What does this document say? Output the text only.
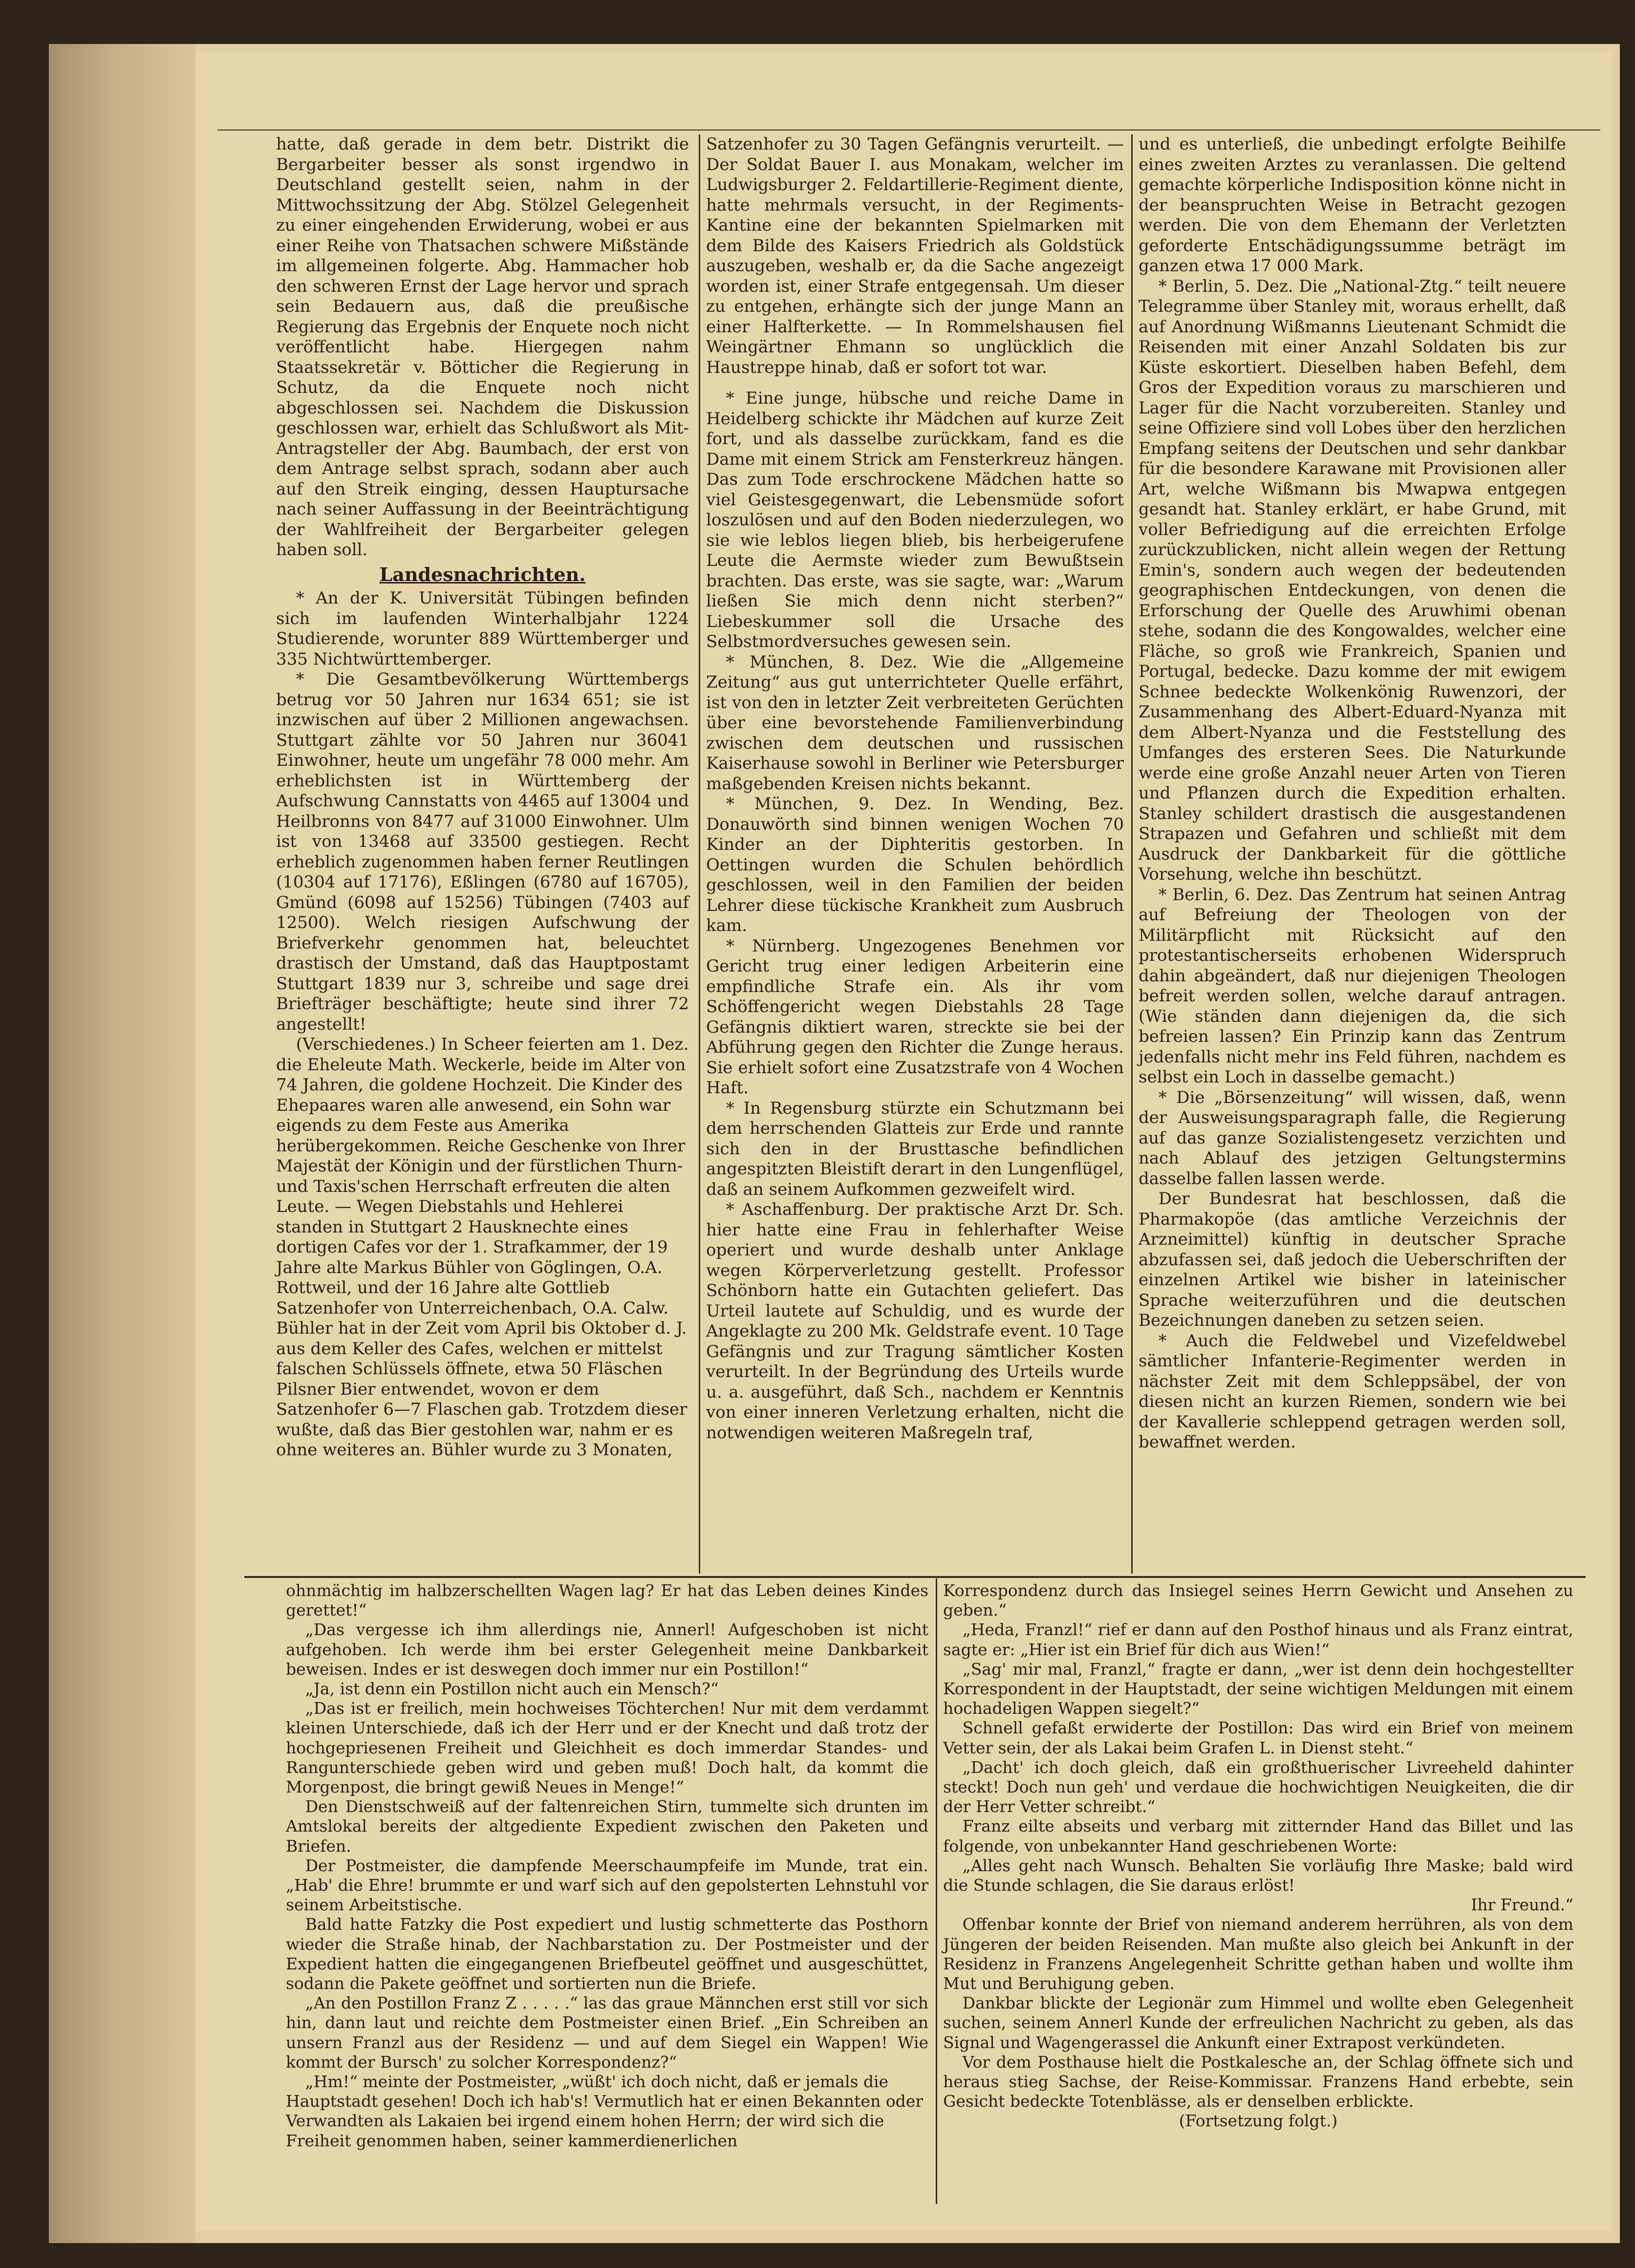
hatte, daß gerade in dem betr. Distrikt die Bergarbeiter besser als sonst irgendwo in Deutschland gestellt seien, nahm in der Mittwochssitzung der Abg. Stölzel Gelegenheit zu einer eingehenden Erwiderung, wobei er aus einer Reihe von Thatsachen schwere Mißstände im allgemeinen folgerte. Abg. Hammacher hob den schweren Ernst der Lage hervor und sprach sein Bedauern aus, daß die preußische Regierung das Ergebnis der Enquete noch nicht veröffentlicht habe. Hiergegen nahm Staatssekretär v. Bötticher die Regierung in Schutz, da die Enquete noch nicht abgeschlossen sei. Nachdem die Diskussion geschlossen war, erhielt das Schlußwort als Mit-Antragsteller der Abg. Baumbach, der erst von dem Antrage selbst sprach, sodann aber auch auf den Streik einging, dessen Hauptursache nach seiner Auffassung in der Beeinträchtigung der Wahlfreiheit der Bergarbeiter gelegen haben soll.

Landesnachrichten.

* An der K. Universität Tübingen befinden sich im laufenden Winterhalbjahr 1224 Studierende, worunter 889 Württemberger und 335 Nichtwürttemberger.

* Die Gesamtbevölkerung Württembergs betrug vor 50 Jahren nur 1634 651; sie ist inzwischen auf über 2 Millionen angewachsen. Stuttgart zählte vor 50 Jahren nur 36041 Einwohner, heute um ungefähr 78 000 mehr. Am erheblichsten ist in Württemberg der Aufschwung Cannstatts von 4465 auf 13004 und Heilbronns von 8477 auf 31000 Einwohner. Ulm ist von 13468 auf 33500 gestiegen. Recht erheblich zugenommen haben ferner Reutlingen (10304 auf 17176), Eßlingen (6780 auf 16705), Gmünd (6098 auf 15256) Tübingen (7403 auf 12500). Welch riesigen Aufschwung der Briefverkehr genommen hat, beleuchtet drastisch der Umstand, daß das Hauptpostamt Stuttgart 1839 nur 3, schreibe und sage drei Briefträger beschäftigte; heute sind ihrer 72 angestellt!

(Verschiedenes.) In Scheer feierten am 1. Dez. die Eheleute Math. Weckerle, beide im Alter von 74 Jahren, die goldene Hochzeit. Die Kinder des Ehepaares waren alle anwesend, ein Sohn war eigends zu dem Feste aus Amerika herübergekommen. Reiche Geschenke von Ihrer Majestät der Königin und der fürstlichen Thurn- und Taxis'schen Herrschaft erfreuten die alten Leute. — Wegen Diebstahls und Hehlerei standen in Stuttgart 2 Hausknechte eines dortigen Cafes vor der 1. Strafkammer, der 19 Jahre alte Markus Bühler von Göglingen, O.A. Rottweil, und der 16 Jahre alte Gottlieb Satzenhofer von Unterreichenbach, O.A. Calw. Bühler hat in der Zeit vom April bis Oktober d. J. aus dem Keller des Cafes, welchen er mittelst falschen Schlüssels öffnete, etwa 50 Fläschen Pilsner Bier entwendet, wovon er dem Satzenhofer 6—7 Flaschen gab. Trotzdem dieser wußte, daß das Bier gestohlen war, nahm er es ohne weiteres an. Bühler wurde zu 3 Monaten,

Satzenhofer zu 30 Tagen Gefängnis verurteilt. — Der Soldat Bauer I. aus Monakam, welcher im Ludwigsburger 2. Feldartillerie-Regiment diente, hatte mehrmals versucht, in der Regiments-Kantine eine der bekannten Spielmarken mit dem Bilde des Kaisers Friedrich als Goldstück auszugeben, weshalb er, da die Sache angezeigt worden ist, einer Strafe entgegensah. Um dieser zu entgehen, erhängte sich der junge Mann an einer Halfterkette. — In Rommelshausen fiel Weingärtner Ehmann so unglücklich die Haustreppe hinab, daß er sofort tot war.

* Eine junge, hübsche und reiche Dame in Heidelberg schickte ihr Mädchen auf kurze Zeit fort, und als dasselbe zurückkam, fand es die Dame mit einem Strick am Fensterkreuz hängen. Das zum Tode erschrockene Mädchen hatte so viel Geistesgegenwart, die Lebensmüde sofort loszulösen und auf den Boden niederzulegen, wo sie wie leblos liegen blieb, bis herbeigerufene Leute die Aermste wieder zum Bewußtsein brachten. Das erste, was sie sagte, war: „Warum ließen Sie mich denn nicht sterben?“ Liebeskummer soll die Ursache des Selbstmordversuches gewesen sein.

* München, 8. Dez. Wie die „Allgemeine Zeitung“ aus gut unterrichteter Quelle erfährt, ist von den in letzter Zeit verbreiteten Gerüchten über eine bevorstehende Familienverbindung zwischen dem deutschen und russischen Kaiserhause sowohl in Berliner wie Petersburger maßgebenden Kreisen nichts bekannt.

* München, 9. Dez. In Wending, Bez. Donauwörth sind binnen wenigen Wochen 70 Kinder an der Diphteritis gestorben. In Oettingen wurden die Schulen behördlich geschlossen, weil in den Familien der beiden Lehrer diese tückische Krankheit zum Ausbruch kam.

* Nürnberg. Ungezogenes Benehmen vor Gericht trug einer ledigen Arbeiterin eine empfindliche Strafe ein. Als ihr vom Schöffengericht wegen Diebstahls 28 Tage Gefängnis diktiert waren, streckte sie bei der Abführung gegen den Richter die Zunge heraus. Sie erhielt sofort eine Zusatzstrafe von 4 Wochen Haft.

* In Regensburg stürzte ein Schutzmann bei dem herrschenden Glatteis zur Erde und rannte sich den in der Brusttasche befindlichen angespitzten Bleistift derart in den Lungenflügel, daß an seinem Aufkommen gezweifelt wird.

* Aschaffenburg. Der praktische Arzt Dr. Sch. hier hatte eine Frau in fehlerhafter Weise operiert und wurde deshalb unter Anklage wegen Körperverletzung gestellt. Professor Schönborn hatte ein Gutachten geliefert. Das Urteil lautete auf Schuldig, und es wurde der Angeklagte zu 200 Mk. Geldstrafe event. 10 Tage Gefängnis und zur Tragung sämtlicher Kosten verurteilt. In der Begründung des Urteils wurde u. a. ausgeführt, daß Sch., nachdem er Kenntnis von einer inneren Verletzung erhalten, nicht die notwendigen weiteren Maßregeln traf,

und es unterließ, die unbedingt erfolgte Beihilfe eines zweiten Arztes zu veranlassen. Die geltend gemachte körperliche Indisposition könne nicht in der beanspruchten Weise in Betracht gezogen werden. Die von dem Ehemann der Verletzten geforderte Entschädigungssumme beträgt im ganzen etwa 17 000 Mark.

* Berlin, 5. Dez. Die „National-Ztg.“ teilt neuere Telegramme über Stanley mit, woraus erhellt, daß auf Anordnung Wißmanns Lieutenant Schmidt die Reisenden mit einer Anzahl Soldaten bis zur Küste eskortiert. Dieselben haben Befehl, dem Gros der Expedition voraus zu marschieren und Lager für die Nacht vorzubereiten. Stanley und seine Offiziere sind voll Lobes über den herzlichen Empfang seitens der Deutschen und sehr dankbar für die besondere Karawane mit Provisionen aller Art, welche Wißmann bis Mwapwa entgegen gesandt hat. Stanley erklärt, er habe Grund, mit voller Befriedigung auf die erreichten Erfolge zurückzublicken, nicht allein wegen der Rettung Emin's, sondern auch wegen der bedeutenden geographischen Entdeckungen, von denen die Erforschung der Quelle des Aruwhimi obenan stehe, sodann die des Kongowaldes, welcher eine Fläche, so groß wie Frankreich, Spanien und Portugal, bedecke. Dazu komme der mit ewigem Schnee bedeckte Wolkenkönig Ruwenzori, der Zusammenhang des Albert-Eduard-Nyanza mit dem Albert-Nyanza und die Feststellung des Umfanges des ersteren Sees. Die Naturkunde werde eine große Anzahl neuer Arten von Tieren und Pflanzen durch die Expedition erhalten. Stanley schildert drastisch die ausgestandenen Strapazen und Gefahren und schließt mit dem Ausdruck der Dankbarkeit für die göttliche Vorsehung, welche ihn beschützt.

* Berlin, 6. Dez. Das Zentrum hat seinen Antrag auf Befreiung der Theologen von der Militärpflicht mit Rücksicht auf den protestantischerseits erhobenen Widerspruch dahin abgeändert, daß nur diejenigen Theologen befreit werden sollen, welche darauf antragen. (Wie ständen dann diejenigen da, die sich befreien lassen? Ein Prinzip kann das Zentrum jedenfalls nicht mehr ins Feld führen, nachdem es selbst ein Loch in dasselbe gemacht.)

* Die „Börsenzeitung“ will wissen, daß, wenn der Ausweisungsparagraph falle, die Regierung auf das ganze Sozialistengesetz verzichten und nach Ablauf des jetzigen Geltungstermins dasselbe fallen lassen werde.

Der Bundesrat hat beschlossen, daß die Pharmakopöe (das amtliche Verzeichnis der Arzneimittel) künftig in deutscher Sprache abzufassen sei, daß jedoch die Ueberschriften der einzelnen Artikel wie bisher in lateinischer Sprache weiterzuführen und die deutschen Bezeichnungen daneben zu setzen seien.

* Auch die Feldwebel und Vizefeldwebel sämtlicher Infanterie-Regimenter werden in nächster Zeit mit dem Schleppsäbel, der von diesen nicht an kurzen Riemen, sondern wie bei der Kavallerie schleppend getragen werden soll, bewaffnet werden.

ohnmächtig im halbzerschellten Wagen lag? Er hat das Leben deines Kindes gerettet!“

„Das vergesse ich ihm allerdings nie, Annerl! Aufgeschoben ist nicht aufgehoben. Ich werde ihm bei erster Gelegenheit meine Dankbarkeit beweisen. Indes er ist deswegen doch immer nur ein Postillon!“

„Ja, ist denn ein Postillon nicht auch ein Mensch?“

„Das ist er freilich, mein hochweises Töchterchen! Nur mit dem verdammt kleinen Unterschiede, daß ich der Herr und er der Knecht und daß trotz der hochgepriesenen Freiheit und Gleichheit es doch immerdar Standes- und Rangunterschiede geben wird und geben muß! Doch halt, da kommt die Morgenpost, die bringt gewiß Neues in Menge!“

Den Dienstschweiß auf der faltenreichen Stirn, tummelte sich drunten im Amtslokal bereits der altgediente Expedient zwischen den Paketen und Briefen.

Der Postmeister, die dampfende Meerschaumpfeife im Munde, trat ein. „Hab' die Ehre! brummte er und warf sich auf den gepolsterten Lehnstuhl vor seinem Arbeitstische.

Bald hatte Fatzky die Post expediert und lustig schmetterte das Posthorn wieder die Straße hinab, der Nachbarstation zu. Der Postmeister und der Expedient hatten die eingegangenen Briefbeutel geöffnet und ausgeschüttet, sodann die Pakete geöffnet und sortierten nun die Briefe.

„An den Postillon Franz Z . . . . .“ las das graue Männchen erst still vor sich hin, dann laut und reichte dem Postmeister einen Brief. „Ein Schreiben an unsern Franzl aus der Residenz — und auf dem Siegel ein Wappen! Wie kommt der Bursch' zu solcher Korrespondenz?“

„Hm!“ meinte der Postmeister, „wüßt' ich doch nicht, daß er jemals die Hauptstadt gesehen! Doch ich hab's! Vermutlich hat er einen Bekannten oder Verwandten als Lakaien bei irgend einem hohen Herrn; der wird sich die Freiheit genommen haben, seiner kammerdienerlichen

Korrespondenz durch das Insiegel seines Herrn Gewicht und Ansehen zu geben.“

„Heda, Franzl!“ rief er dann auf den Posthof hinaus und als Franz eintrat, sagte er: „Hier ist ein Brief für dich aus Wien!“

„Sag' mir mal, Franzl,“ fragte er dann, „wer ist denn dein hochgestellter Korrespondent in der Hauptstadt, der seine wichtigen Meldungen mit einem hochadeligen Wappen siegelt?“

Schnell gefaßt erwiderte der Postillon: Das wird ein Brief von meinem Vetter sein, der als Lakai beim Grafen L. in Dienst steht.“

„Dacht' ich doch gleich, daß ein großthuerischer Livreeheld dahinter steckt! Doch nun geh' und verdaue die hochwichtigen Neuigkeiten, die dir der Herr Vetter schreibt.“

Franz eilte abseits und verbarg mit zitternder Hand das Billet und las folgende, von unbekannter Hand geschriebenen Worte:

„Alles geht nach Wunsch. Behalten Sie vorläufig Ihre Maske; bald wird die Stunde schlagen, die Sie daraus erlöst!

Ihr Freund.“

Offenbar konnte der Brief von niemand anderem herrühren, als von dem Jüngeren der beiden Reisenden. Man mußte also gleich bei Ankunft in der Residenz in Franzens Angelegenheit Schritte gethan haben und wollte ihm Mut und Beruhigung geben.

Dankbar blickte der Legionär zum Himmel und wollte eben Gelegenheit suchen, seinem Annerl Kunde der erfreulichen Nachricht zu geben, als das Signal und Wagengerassel die Ankunft einer Extrapost verkündeten.

Vor dem Posthause hielt die Postkalesche an, der Schlag öffnete sich und heraus stieg Sachse, der Reise-Kommissar. Franzens Hand erbebte, sein Gesicht bedeckte Totenblässe, als er denselben erblickte.

(Fortsetzung folgt.)
